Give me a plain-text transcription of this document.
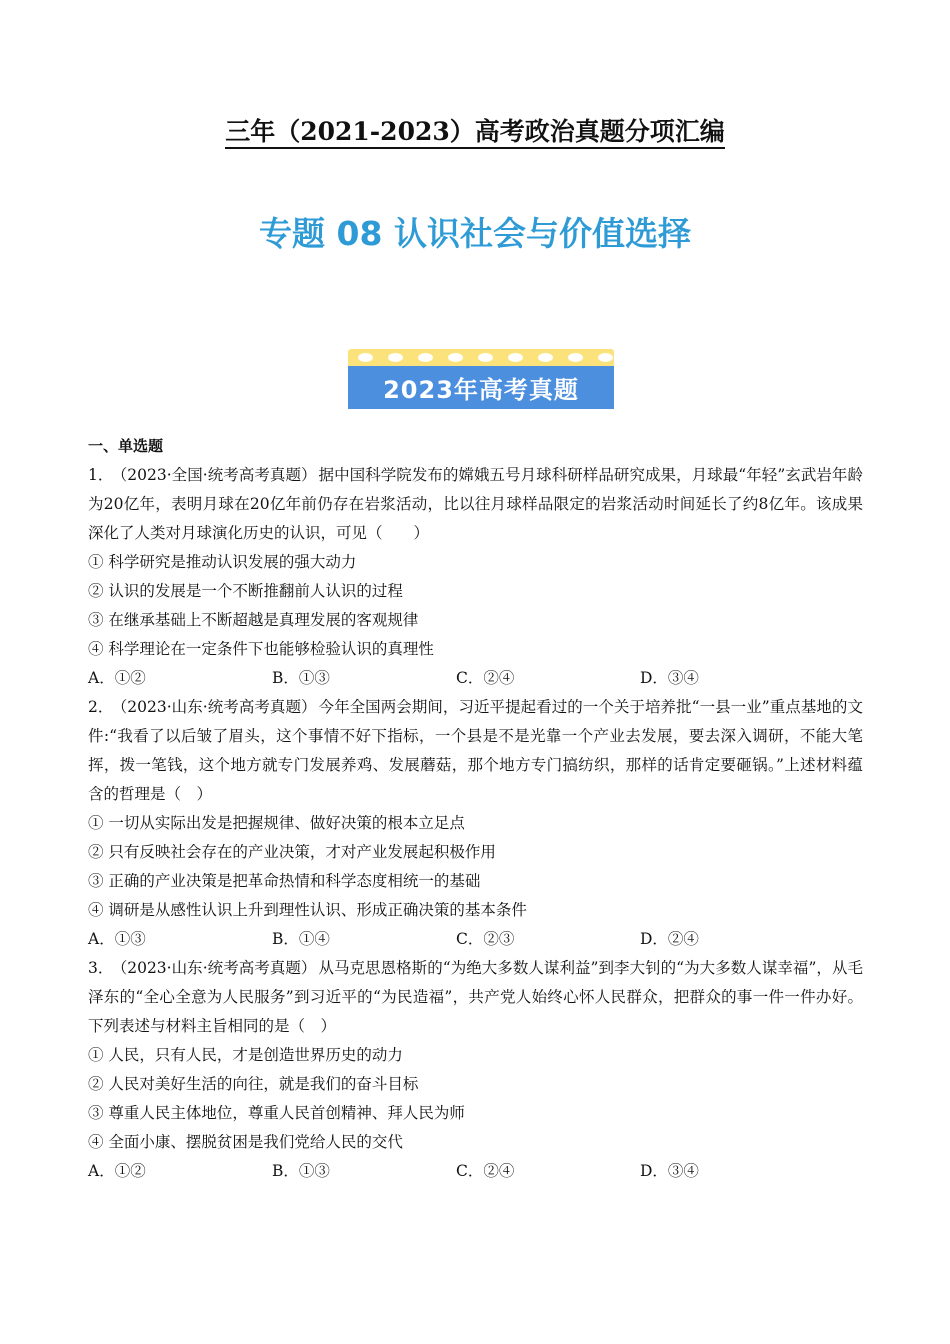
三年（2021-2023）高考政治真题分项汇编
专题 08 认识社会与价值选择
2023年高考真题
一、单选题
1． （2023·全国·统考高考真题） 据中国科学院发布的嫦娥五号月球科研样品研究成果，月球最“年轻”玄武岩年龄为20亿年，表明月球在20亿年前仍存在岩浆活动，比以往月球样品限定的岩浆活动时间延长了约8亿年。该成果深化了人类对月球演化历史的认识，可见（　　）
① 科学研究是推动认识发展的强大动力
② 认识的发展是一个不断推翻前人认识的过程
③ 在继承基础上不断超越是真理发展的客观规律
④ 科学理论在一定条件下也能够检验认识的真理性
A．①②	B．①③	C．②④	D．③④
2． （2023·山东·统考高考真题） 今年全国两会期间，习近平提起看过的一个关于培养批“一县一业”重点基地的文件:“我看了以后皱了眉头，这个事情不好下指标，一个县是不是光靠一个产业去发展，要去深入调研，不能大笔挥，拨一笔钱，这个地方就专门发展养鸡、发展蘑菇，那个地方专门搞纺织，那样的话肯定要砸锅。”上述材料蕴含的哲理是（　）
① 一切从实际出发是把握规律、做好决策的根本立足点
② 只有反映社会存在的产业决策，才对产业发展起积极作用
③ 正确的产业决策是把革命热情和科学态度相统一的基础
④ 调研是从感性认识上升到理性认识、形成正确决策的基本条件
A．①③	B．①④	C．②③	D．②④
3． （2023·山东·统考高考真题） 从马克思恩格斯的“为绝大多数人谋利益”到李大钊的“为大多数人谋幸福”，从毛泽东的“全心全意为人民服务”到习近平的“为民造福”，共产党人始终心怀人民群众，把群众的事一件一件办好。下列表述与材料主旨相同的是（　）
① 人民，只有人民，才是创造世界历史的动力
② 人民对美好生活的向往，就是我们的奋斗目标
③ 尊重人民主体地位，尊重人民首创精神、拜人民为师
④ 全面小康、摆脱贫困是我们党给人民的交代
A．①②	B．①③	C．②④	D．③④
